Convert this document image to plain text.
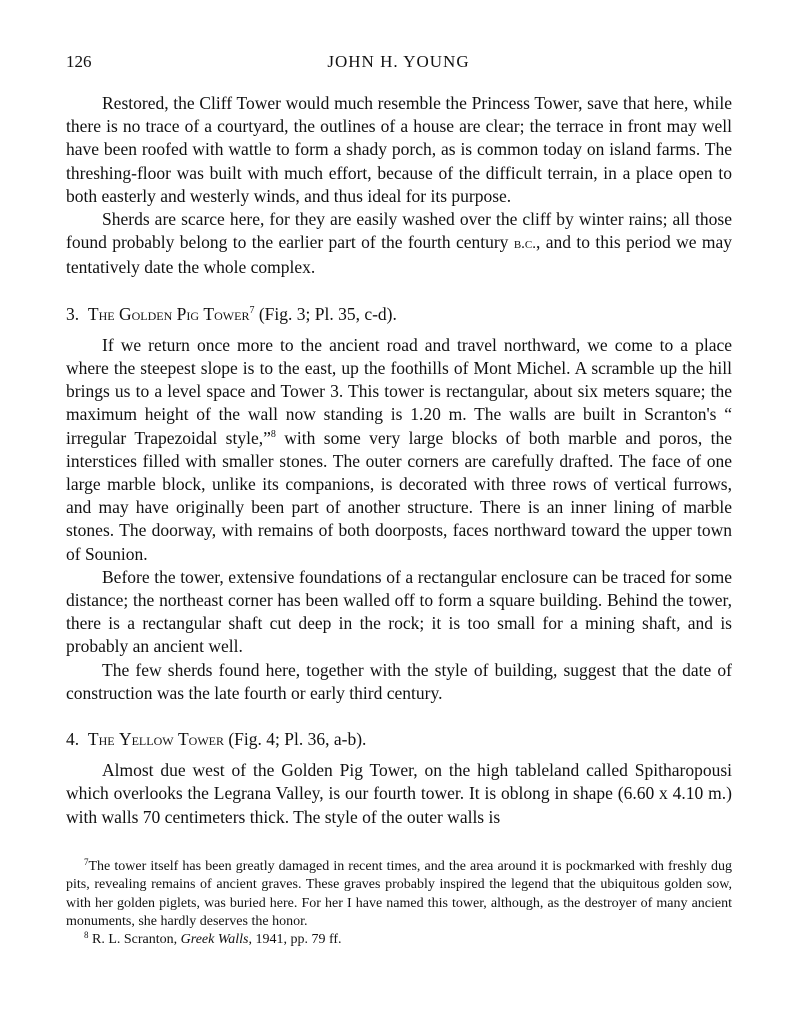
126	JOHN H. YOUNG

Restored, the Cliff Tower would much resemble the Princess Tower, save that here, while there is no trace of a courtyard, the outlines of a house are clear; the terrace in front may well have been roofed with wattle to form a shady porch, as is common today on island farms. The threshing-floor was built with much effort, because of the difficult terrain, in a place open to both easterly and westerly winds, and thus ideal for its purpose.

Sherds are scarce here, for they are easily washed over the cliff by winter rains; all those found probably belong to the earlier part of the fourth century b.c., and to this period we may tentatively date the whole complex.

3. The Golden Pig Tower$^7$ (Fig. 3; Pl. 35, c-d).

If we return once more to the ancient road and travel northward, we come to a place where the steepest slope is to the east, up the foothills of Mont Michel. A scramble up the hill brings us to a level space and Tower 3. This tower is rectangular, about six meters square; the maximum height of the wall now standing is 1.20 m. The walls are built in Scranton's “ irregular Trapezoidal style,”$^8$ with some very large blocks of both marble and poros, the interstices filled with smaller stones. The outer corners are carefully drafted. The face of one large marble block, unlike its companions, is decorated with three rows of vertical furrows, and may have originally been part of another structure. There is an inner lining of marble stones. The doorway, with remains of both doorposts, faces northward toward the upper town of Sounion.

Before the tower, extensive foundations of a rectangular enclosure can be traced for some distance; the northeast corner has been walled off to form a square building. Behind the tower, there is a rectangular shaft cut deep in the rock; it is too small for a mining shaft, and is probably an ancient well.

The few sherds found here, together with the style of building, suggest that the date of construction was the late fourth or early third century.

4. The Yellow Tower (Fig. 4; Pl. 36, a-b).

Almost due west of the Golden Pig Tower, on the high tableland called Spitharopousi which overlooks the Legrana Valley, is our fourth tower. It is oblong in shape (6.60 x 4.10 m.) with walls 70 centimeters thick. The style of the outer walls is

$^7$The tower itself has been greatly damaged in recent times, and the area around it is pockmarked with freshly dug pits, revealing remains of ancient graves. These graves probably inspired the legend that the ubiquitous golden sow, with her golden piglets, was buried here. For her I have named this tower, although, as the destroyer of many ancient monuments, she hardly deserves the honor.

$^8$ R. L. Scranton, Greek Walls, 1941, pp. 79 ff.
